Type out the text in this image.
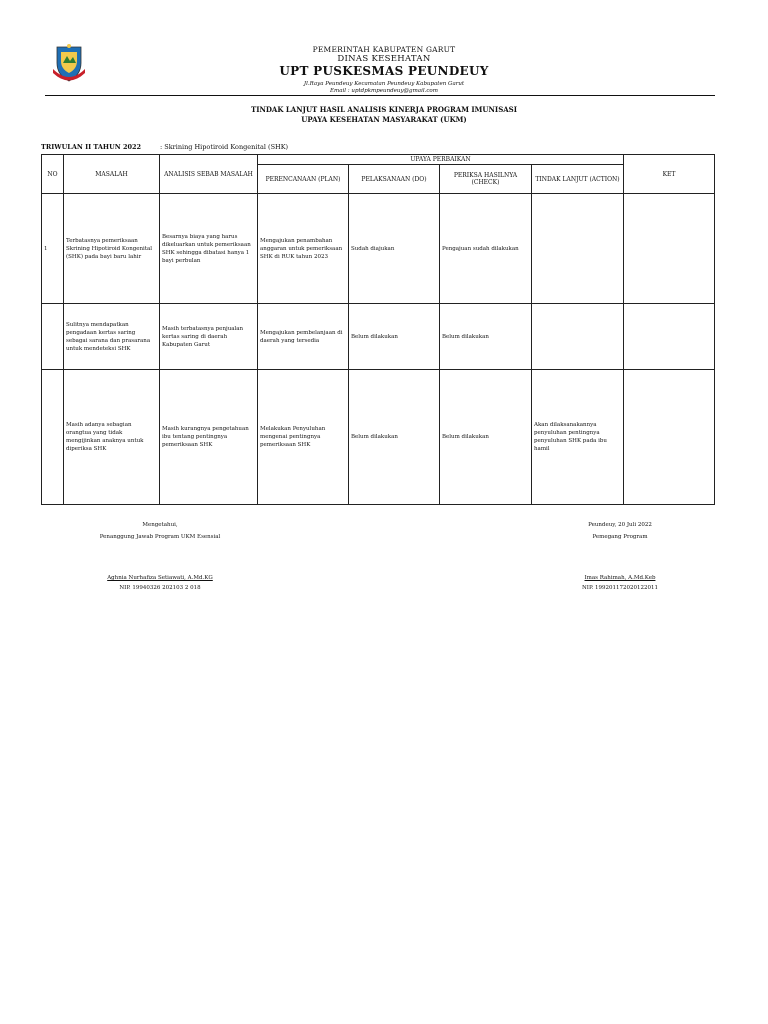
PEMERINTAH KABUPATEN GARUT
DINAS KESEHATAN
UPT PUSKESMAS PEUNDEUY
Jl.Raya Peundeuy Kecamatan Peundeuy Kabupaten Garut
Email : uptdpkmpeundeuy@gmail.com
TINDAK LANJUT HASIL ANALISIS KINERJA PROGRAM IMUNISASI
UPAYA KESEHATAN MASYARAKAT (UKM)
TRIWULAN II TAHUN 2022	: Skrining Hipotiroid Kongenital (SHK)
NO	MASALAH	ANALISIS SEBAB MASALAH	UPAYA PERBAIKAN				KET
			PERENCANAAN (PLAN)	PELAKSANAAN (DO)	PERIKSA HASILNYA (CHECK)	TINDAK LANJUT (ACTION)	
1	Terbatasnya pemeriksaan Skrining Hipotiroid Kongenital (SHK) pada bayi baru lahir	Besarnya biaya yang harus dikeluarkan untuk pemeriksaan SHK sehingga dibatasi hanya 1 bayi perbulan	Mengajukan penambahan anggaran untuk pemeriksaan SHK di RUK tahun 2023	Sudah diajukan	Pengajuan sudah dilakukan		
	Sulitnya mendapatkan pengadaan kertas saring sebagai sarana dan prasarana untuk mendeteksi SHK	Masih terbatasnya penjualan kertas saring di daerah Kabupaten Garut	Mengajukan pembelanjaan di daerah yang tersedia	Belum dilakukan	Belum dilakukan		
	Masih adanya sebagian orangtua yang tidak mengijinkan anaknya untuk diperiksa SHK	Masih kurangnya pengetahuan ibu tentang pentingnya pemeriksaan SHK	Melakukan Penyuluhan mengenai pentingnya pemeriksaan SHK	Belum dilakukan	Belum dilakukan	Akan dilaksanakannya penyuluhan pentingnya penyuluhan SHK pada ibu hamil	
Mengetahui,
Penanggung Jawab Program UKM Esensial
Aghnia Nurhafiza Setiawati, A.Md.KG
NIP. 19940326 202103 2 018
Peundeuy, 20 Juli 2022
Pemegang Program
Imas Rahimah, A.Md.Keb
NIP. 199201172020122011
